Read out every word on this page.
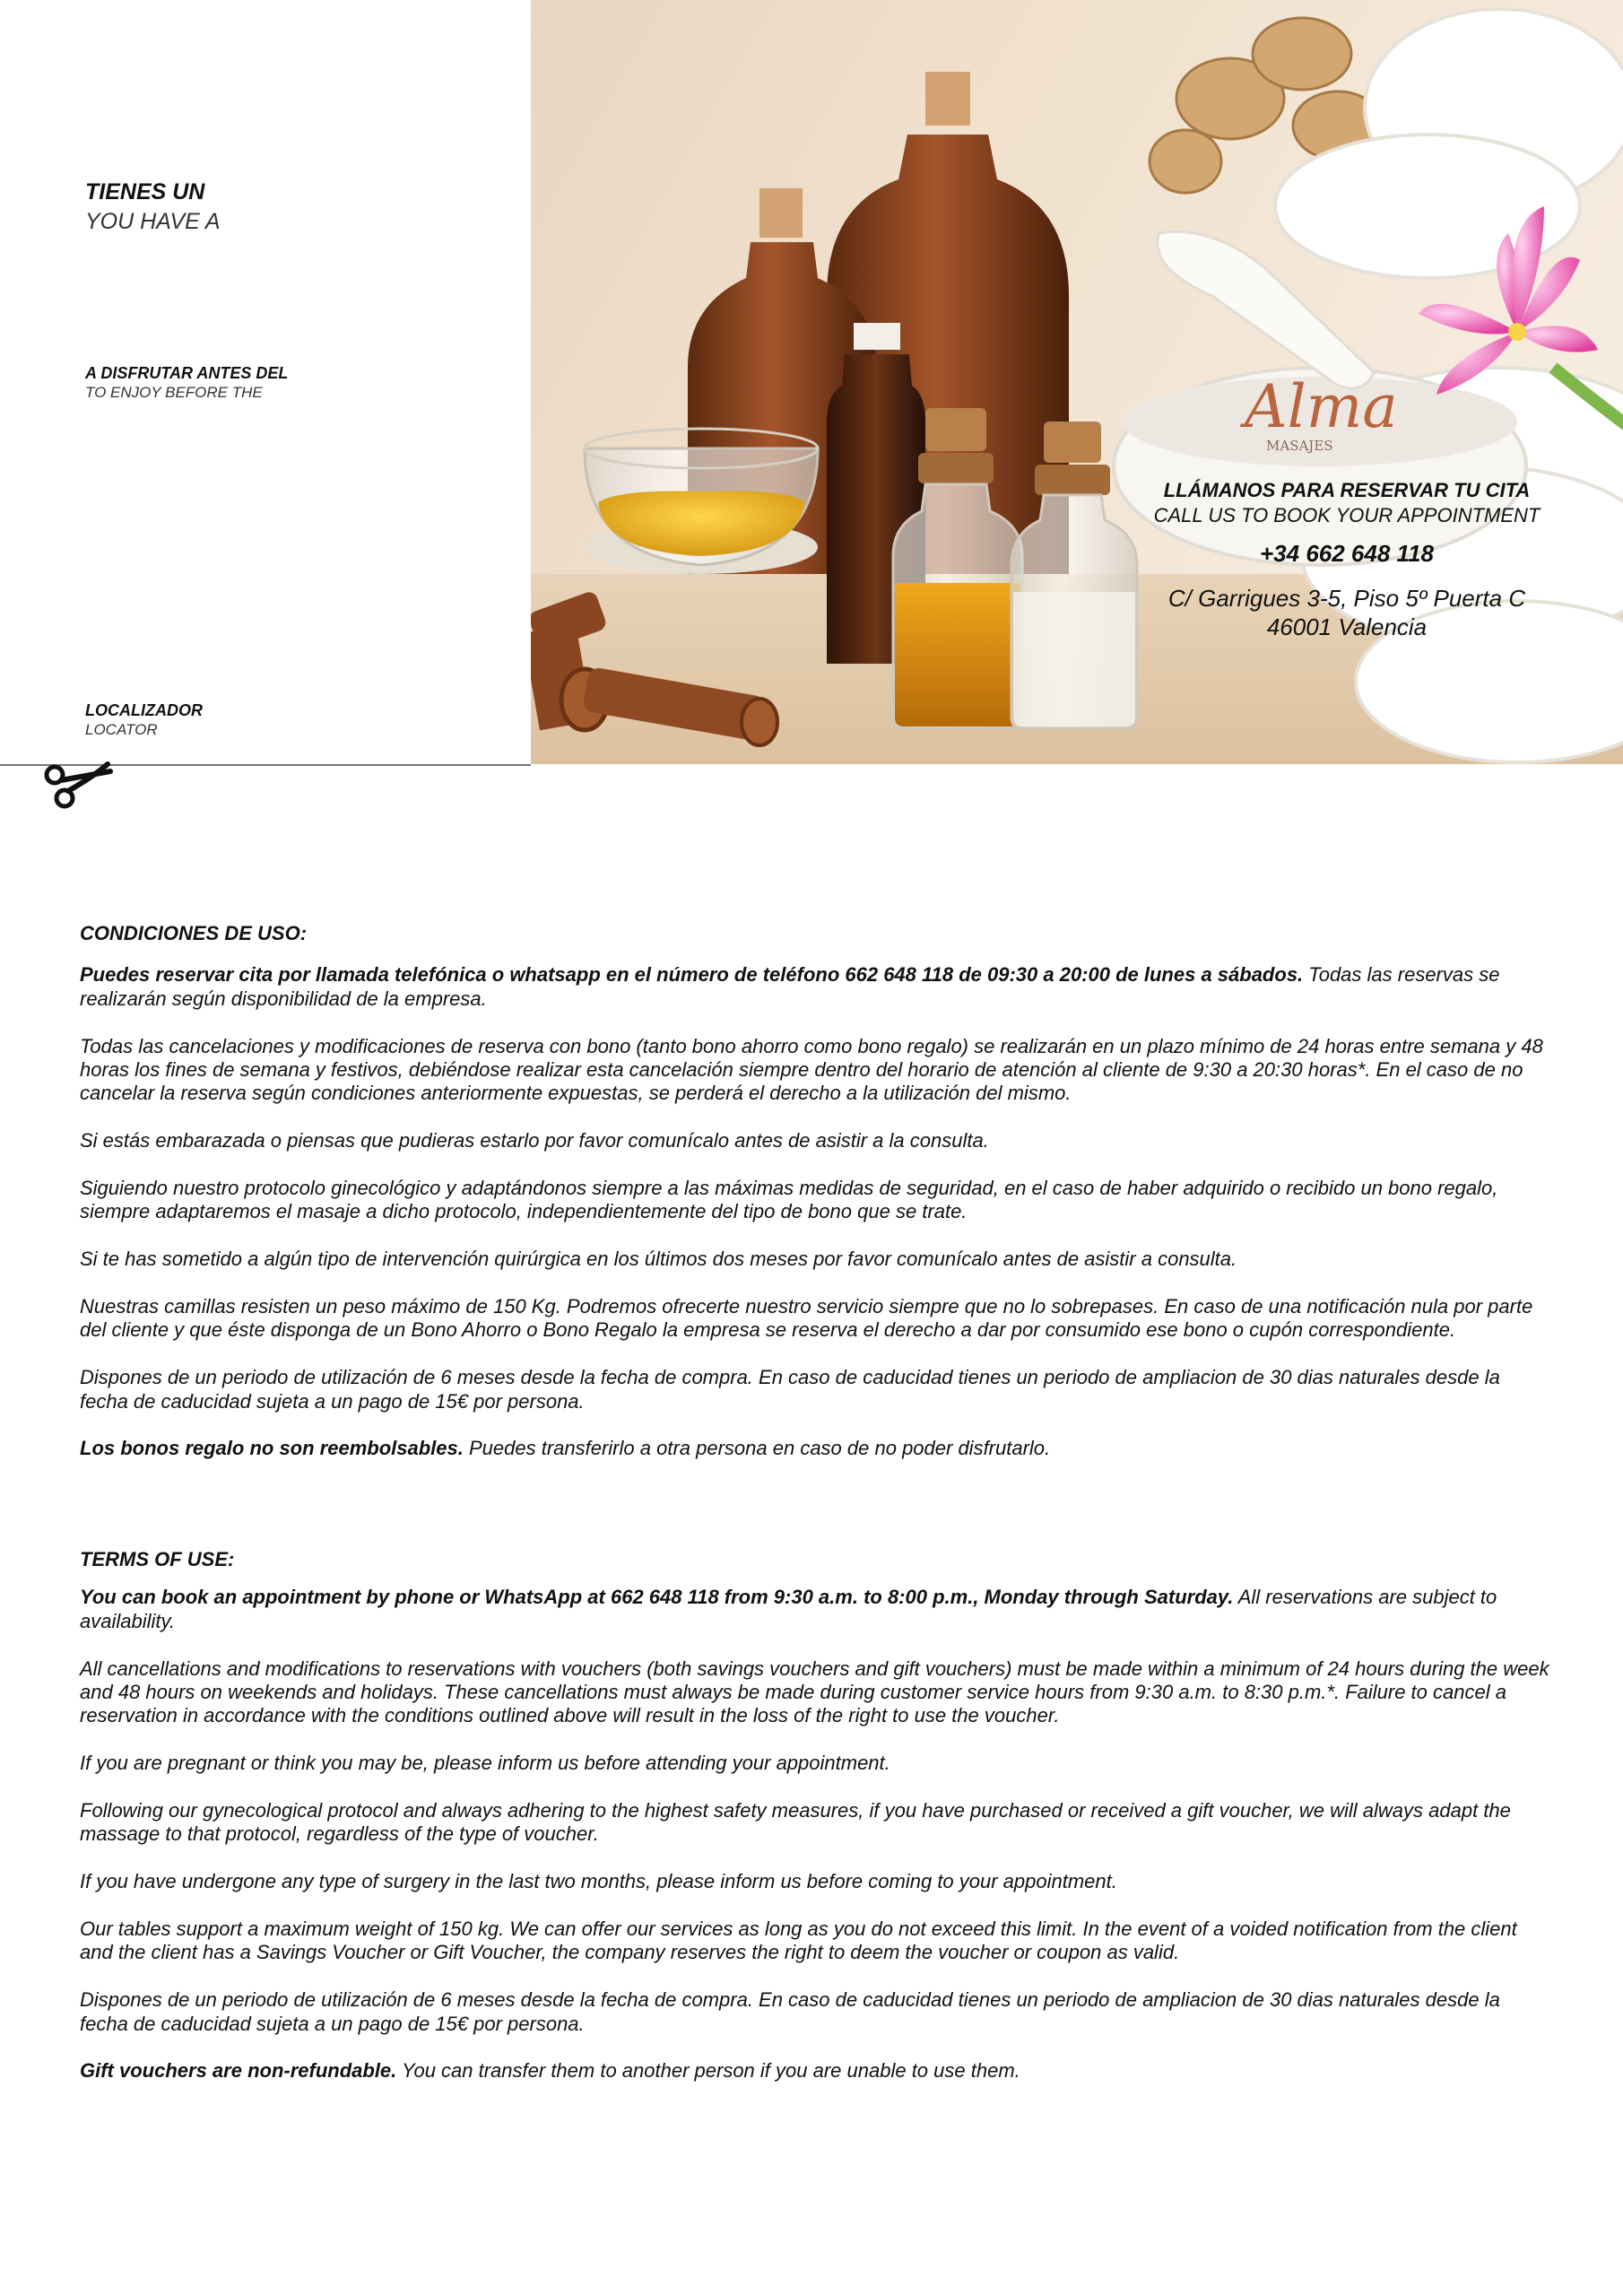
TIENES UN
YOU HAVE A
A DISFRUTAR ANTES DEL
TO ENJOY BEFORE THE
LOCALIZADOR
LOCATOR
Alma
MASAJES
LLÁMANOS PARA RESERVAR TU CITA
CALL US TO BOOK YOUR APPOINTMENT
+34 662 648 118
C/ Garrigues 3-5, Piso 5º Puerta C
46001 Valencia

CONDICIONES DE USO:

Puedes reservar cita por llamada telefónica o whatsapp en el número de teléfono 662 648 118 de 09:30 a 20:00 de lunes a sábados. Todas las reservas se realizarán según disponibilidad de la empresa.

Todas las cancelaciones y modificaciones de reserva con bono (tanto bono ahorro como bono regalo) se realizarán en un plazo mínimo de 24 horas entre semana y 48 horas los fines de semana y festivos, debiéndose realizar esta cancelación siempre dentro del horario de atención al cliente de 9:30 a 20:30 horas*. En el caso de no cancelar la reserva según condiciones anteriormente expuestas, se perderá el derecho a la utilización del mismo.

Si estás embarazada o piensas que pudieras estarlo por favor comunícalo antes de asistir a la consulta.

Siguiendo nuestro protocolo ginecológico y adaptándonos siempre a las máximas medidas de seguridad, en el caso de haber adquirido o recibido un bono regalo, siempre adaptaremos el masaje a dicho protocolo, independientemente del tipo de bono que se trate.

Si te has sometido a algún tipo de intervención quirúrgica en los últimos dos meses por favor comunícalo antes de asistir a consulta.

Nuestras camillas resisten un peso máximo de 150 Kg. Podremos ofrecerte nuestro servicio siempre que no lo sobrepases. En caso de una notificación nula por parte del cliente y que éste disponga de un Bono Ahorro o Bono Regalo la empresa se reserva el derecho a dar por consumido ese bono o cupón correspondiente.

Dispones de un periodo de utilización de 6 meses desde la fecha de compra. En caso de caducidad tienes un periodo de ampliacion de 30 dias naturales desde la fecha de caducidad sujeta a un pago de 15€ por persona.

Los bonos regalo no son reembolsables. Puedes transferirlo a otra persona en caso de no poder disfrutarlo.

TERMS OF USE:

You can book an appointment by phone or WhatsApp at 662 648 118 from 9:30 a.m. to 8:00 p.m., Monday through Saturday. All reservations are subject to availability.

All cancellations and modifications to reservations with vouchers (both savings vouchers and gift vouchers) must be made within a minimum of 24 hours during the week and 48 hours on weekends and holidays. These cancellations must always be made during customer service hours from 9:30 a.m. to 8:30 p.m.*. Failure to cancel a reservation in accordance with the conditions outlined above will result in the loss of the right to use the voucher.

If you are pregnant or think you may be, please inform us before attending your appointment.

Following our gynecological protocol and always adhering to the highest safety measures, if you have purchased or received a gift voucher, we will always adapt the massage to that protocol, regardless of the type of voucher.

If you have undergone any type of surgery in the last two months, please inform us before coming to your appointment.

Our tables support a maximum weight of 150 kg. We can offer our services as long as you do not exceed this limit. In the event of a voided notification from the client and the client has a Savings Voucher or Gift Voucher, the company reserves the right to deem the voucher or coupon as valid.

Dispones de un periodo de utilización de 6 meses desde la fecha de compra. En caso de caducidad tienes un periodo de ampliacion de 30 dias naturales desde la fecha de caducidad sujeta a un pago de 15€ por persona.

Gift vouchers are non-refundable. You can transfer them to another person if you are unable to use them.
